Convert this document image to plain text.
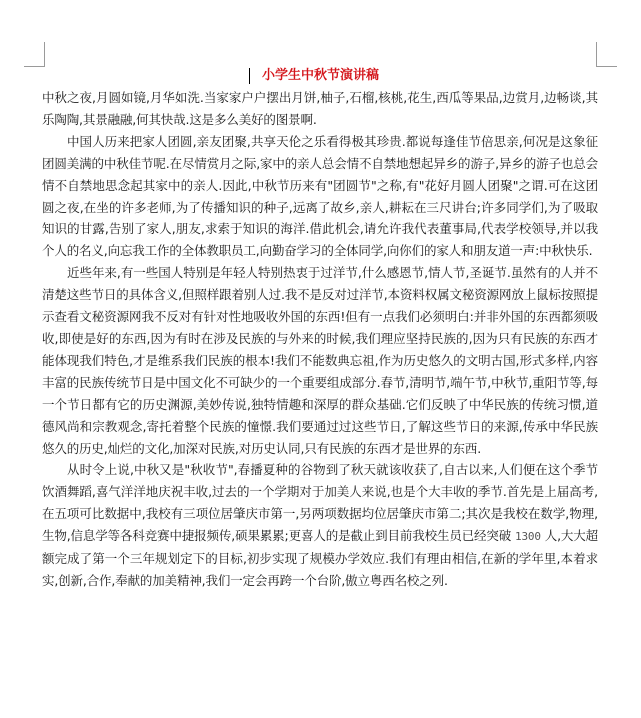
小学生中秋节演讲稿

中秋之夜,月圆如镜,月华如洗.当家家户户摆出月饼,柚子,石榴,核桃,花生,西瓜等果品,边赏月,边畅谈,其乐陶陶,其景融融,何其快哉.这是多么美好的图景啊.

中国人历来把家人团圆,亲友团聚,共享天伦之乐看得极其珍贵.都说每逢佳节倍思亲,何况是这象征团圆美满的中秋佳节呢.在尽情赏月之际,家中的亲人总会情不自禁地想起异乡的游子,异乡的游子也总会情不自禁地思念起其家中的亲人.因此,中秋节历来有"团圆节"之称,有"花好月圆人团聚"之谓.可在这团圆之夜,在坐的许多老师,为了传播知识的种子,远离了故乡,亲人,耕耘在三尺讲台;许多同学们,为了吸取知识的甘露,告别了家人,朋友,求索于知识的海洋.借此机会,请允许我代表董事局,代表学校领导,并以我个人的名义,向忘我工作的全体教职员工,向勤奋学习的全体同学,向你们的家人和朋友道一声:中秋快乐.

近些年来,有一些国人特别是年轻人特别热衷于过洋节,什么感恩节,情人节,圣诞节.虽然有的人并不清楚这些节日的具体含义,但照样跟着别人过.我不是反对过洋节,本资料权属文秘资源网放上鼠标按照提示查看文秘资源网我不反对有针对性地吸收外国的东西!但有一点我们必须明白:并非外国的东西都须吸收,即使是好的东西,因为有时在涉及民族的与外来的时候,我们理应坚持民族的,因为只有民族的东西才能体现我们特色,才是维系我们民族的根本!我们不能数典忘祖,作为历史悠久的文明古国,形式多样,内容丰富的民族传统节日是中国文化不可缺少的一个重要组成部分.春节,清明节,端午节,中秋节,重阳节等,每一个节日都有它的历史渊源,美妙传说,独特情趣和深厚的群众基础.它们反映了中华民族的传统习惯,道德风尚和宗教观念,寄托着整个民族的憧憬.我们要通过过这些节日,了解这些节日的来源,传承中华民族悠久的历史,灿烂的文化,加深对民族,对历史认同,只有民族的东西才是世界的东西.

从时令上说,中秋又是"秋收节",春播夏种的谷物到了秋天就该收获了,自古以来,人们便在这个季节饮酒舞蹈,喜气洋洋地庆祝丰收,过去的一个学期对于加美人来说,也是个大丰收的季节.首先是上届高考,在五项可比数据中,我校有三项位居肇庆市第一,另两项数据均位居肇庆市第二;其次是我校在数学,物理,生物,信息学等各科竞赛中捷报频传,硕果累累;更喜人的是截止到目前我校生员已经突破 1300 人,大大超额完成了第一个三年规划定下的目标,初步实现了规模办学效应.我们有理由相信,在新的学年里,本着求实,创新,合作,奉献的加美精神,我们一定会再跨一个台阶,傲立粤西名校之列.
